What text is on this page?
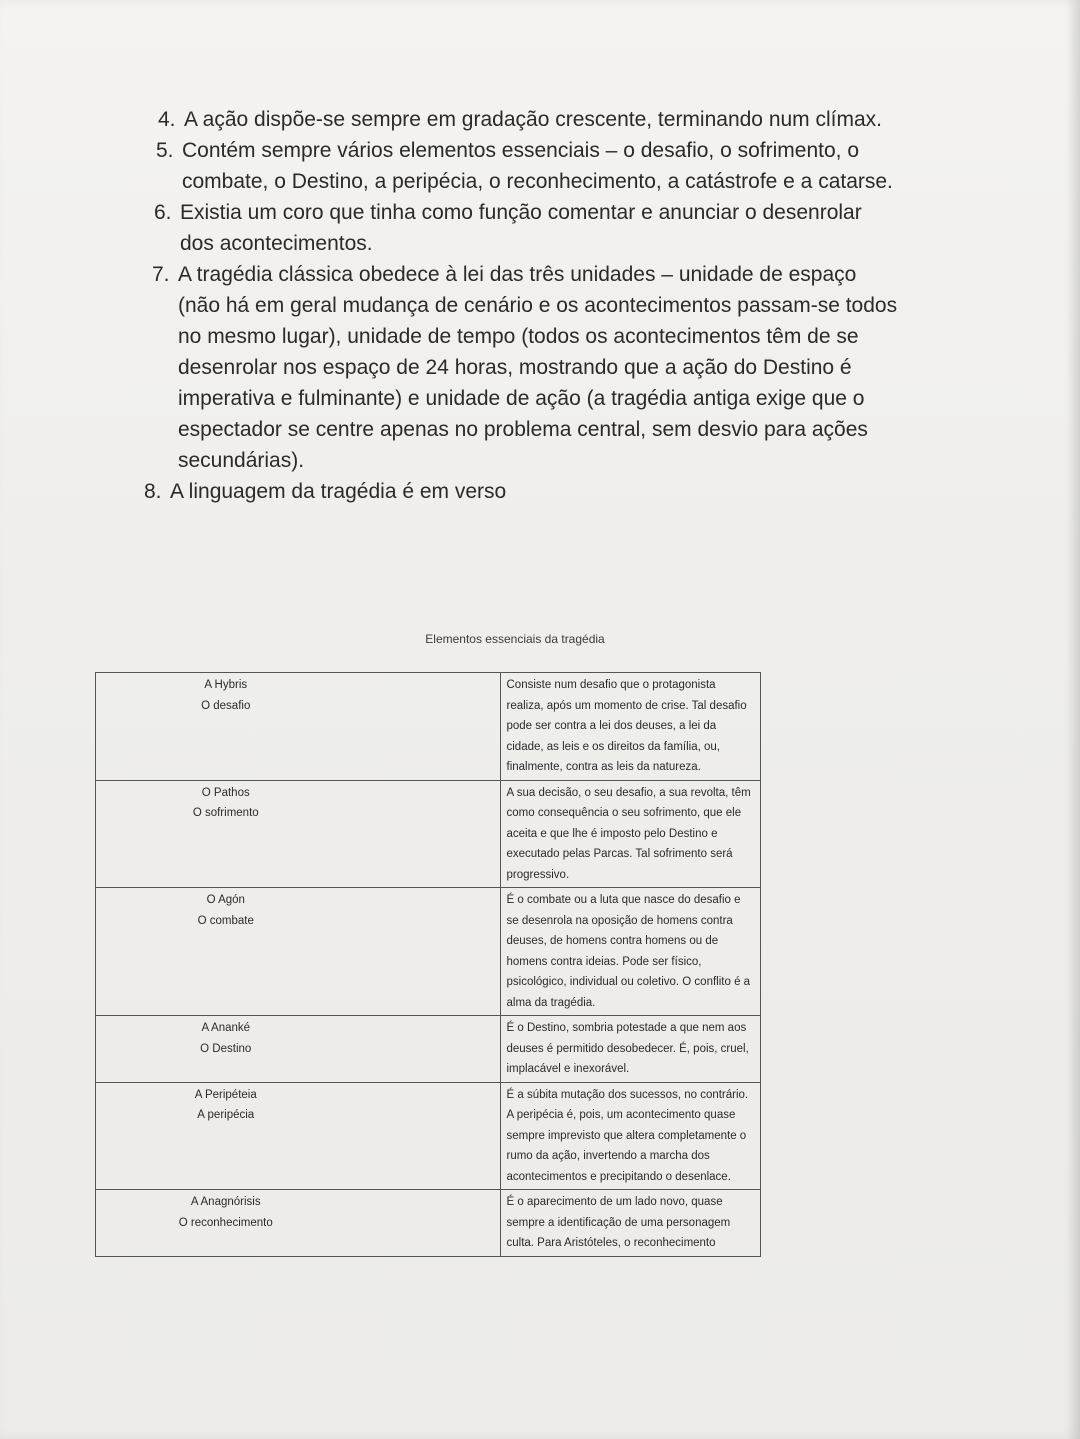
4. A ação dispõe-se sempre em gradação crescente, terminando num clímax.
5. Contém sempre vários elementos essenciais – o desafio, o sofrimento, o combate, o Destino, a peripécia, o reconhecimento, a catástrofe e a catarse.
6. Existia um coro que tinha como função comentar e anunciar o desenrolar dos acontecimentos.
7. A tragédia clássica obedece à lei das três unidades – unidade de espaço (não há em geral mudança de cenário e os acontecimentos passam-se todos no mesmo lugar), unidade de tempo (todos os acontecimentos têm de se desenrolar nos espaço de 24 horas, mostrando que a ação do Destino é imperativa e fulminante) e unidade de ação (a tragédia antiga exige que o espectador se centre apenas no problema central, sem desvio para ações secundárias).
8. A linguagem da tragédia é em verso
Elementos essenciais da tragédia
A Hybris
O desafio	Consiste num desafio que o protagonista realiza, após um momento de crise. Tal desafio pode ser contra a lei dos deuses, a lei da cidade, as leis e os direitos da família, ou, finalmente, contra as leis da natureza.

O Pathos
O sofrimento	A sua decisão, o seu desafio, a sua revolta, têm como consequência o seu sofrimento, que ele aceita e que lhe é imposto pelo Destino e executado pelas Parcas. Tal sofrimento será progressivo.

O Agón
O combate	É o combate ou a luta que nasce do desafio e se desenrola na oposição de homens contra deuses, de homens contra homens ou de homens contra ideias. Pode ser físico, psicológico, individual ou coletivo. O conflito é a alma da tragédia.

A Ananké
O Destino	É o Destino, sombria potestade a que nem aos deuses é permitido desobedecer. É, pois, cruel, implacável e inexorável.

A Peripéteia
A peripécia	É a súbita mutação dos sucessos, no contrário. A peripécia é, pois, um acontecimento quase sempre imprevisto que altera completamente o rumo da ação, invertendo a marcha dos acontecimentos e precipitando o desenlace.

A Anagnórisis
O reconhecimento	É o aparecimento de um lado novo, quase sempre a identificação de uma personagem culta. Para Aristóteles, o reconhecimento
